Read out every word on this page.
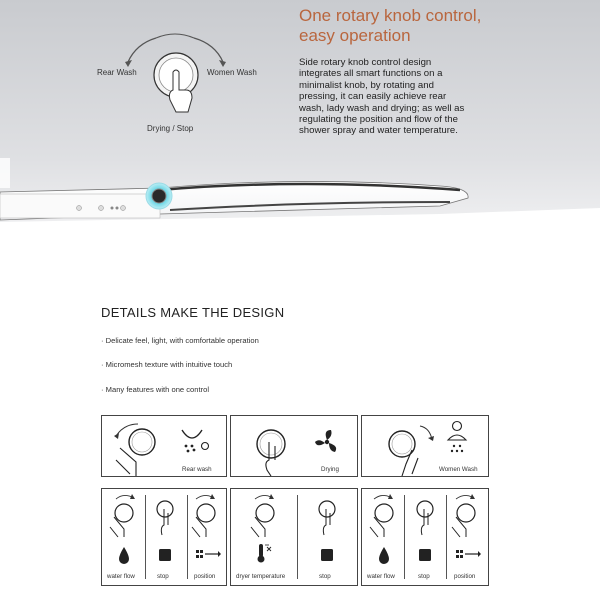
One rotary knob control,
easy operation
Side rotary knob control design integrates all smart functions on a minimalist knob, by rotating and pressing, it can easily achieve rear wash, lady wash and drying; as well as regulating the position and flow of the shower spray and water temperature.
Rear Wash	Women Wash
Drying / Stop
DETAILS MAKE THE DESIGN
· Delicate feel, light, with comfortable operation
· Micromesh texture with intuitive touch
· Many features with one control
Rear wash	Drying	Women Wash
water flow	stop	position	dryer temperature	stop	water flow	stop	position
